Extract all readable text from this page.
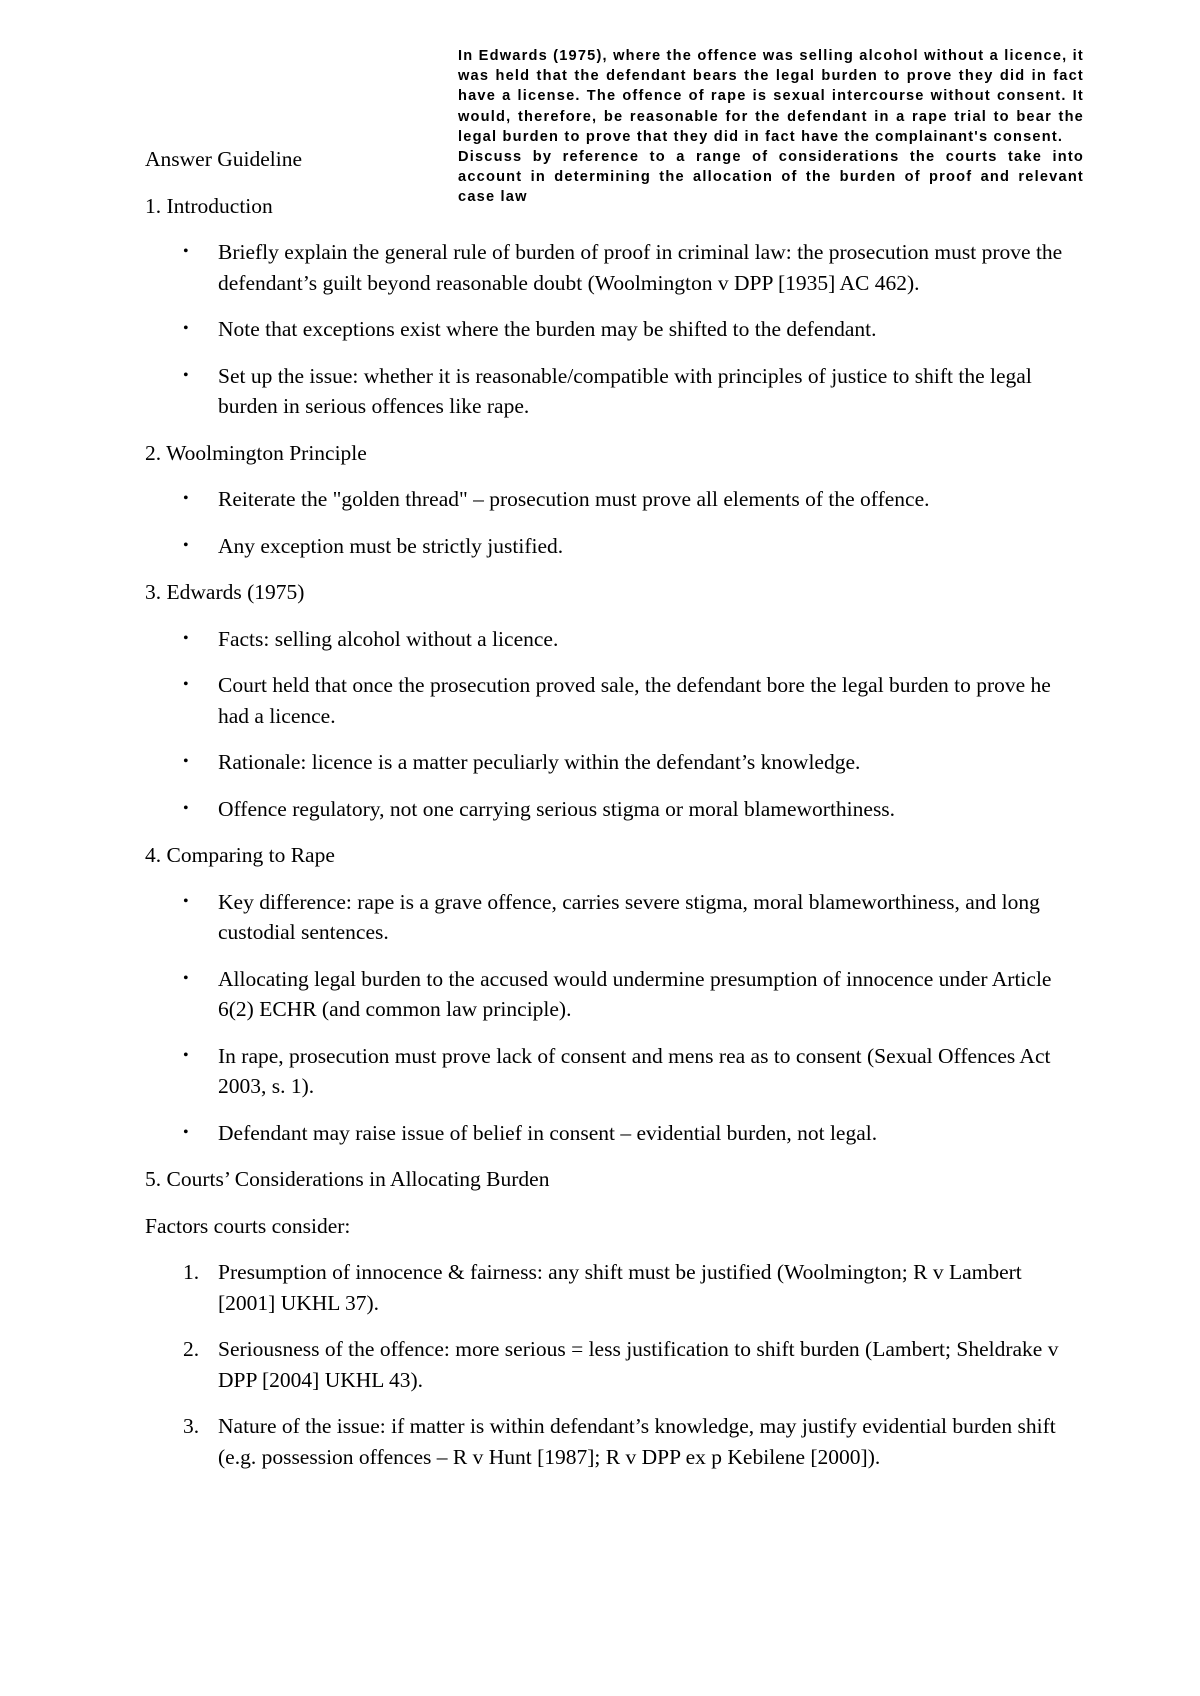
In Edwards (1975), where the offence was selling alcohol without a licence, it was held that the defendant bears the legal burden to prove they did in fact have a license. The offence of rape is sexual intercourse without consent. It would, therefore, be reasonable for the defendant in a rape trial to bear the legal burden to prove that they did in fact have the complainant's consent.

Discuss by reference to a range of considerations the courts take into account in determining the allocation of the burden of proof and relevant case law

Answer Guideline
1. Introduction
• Briefly explain the general rule of burden of proof in criminal law: the prosecution must prove the defendant’s guilt beyond reasonable doubt (Woolmington v DPP [1935] AC 462).
• Note that exceptions exist where the burden may be shifted to the defendant.
• Set up the issue: whether it is reasonable/compatible with principles of justice to shift the legal burden in serious offences like rape.
2. Woolmington Principle
• Reiterate the "golden thread" – prosecution must prove all elements of the offence.
• Any exception must be strictly justified.
3. Edwards (1975)
• Facts: selling alcohol without a licence.
• Court held that once the prosecution proved sale, the defendant bore the legal burden to prove he had a licence.
• Rationale: licence is a matter peculiarly within the defendant’s knowledge.
• Offence regulatory, not one carrying serious stigma or moral blameworthiness.
4. Comparing to Rape
• Key difference: rape is a grave offence, carries severe stigma, moral blameworthiness, and long custodial sentences.
• Allocating legal burden to the accused would undermine presumption of innocence under Article 6(2) ECHR (and common law principle).
• In rape, prosecution must prove lack of consent and mens rea as to consent (Sexual Offences Act 2003, s. 1).
• Defendant may raise issue of belief in consent – evidential burden, not legal.
5. Courts’ Considerations in Allocating Burden
Factors courts consider:
1. Presumption of innocence & fairness: any shift must be justified (Woolmington; R v Lambert [2001] UKHL 37).
2. Seriousness of the offence: more serious = less justification to shift burden (Lambert; Sheldrake v DPP [2004] UKHL 43).
3. Nature of the issue: if matter is within defendant’s knowledge, may justify evidential burden shift (e.g. possession offences – R v Hunt [1987]; R v DPP ex p Kebilene [2000]).
